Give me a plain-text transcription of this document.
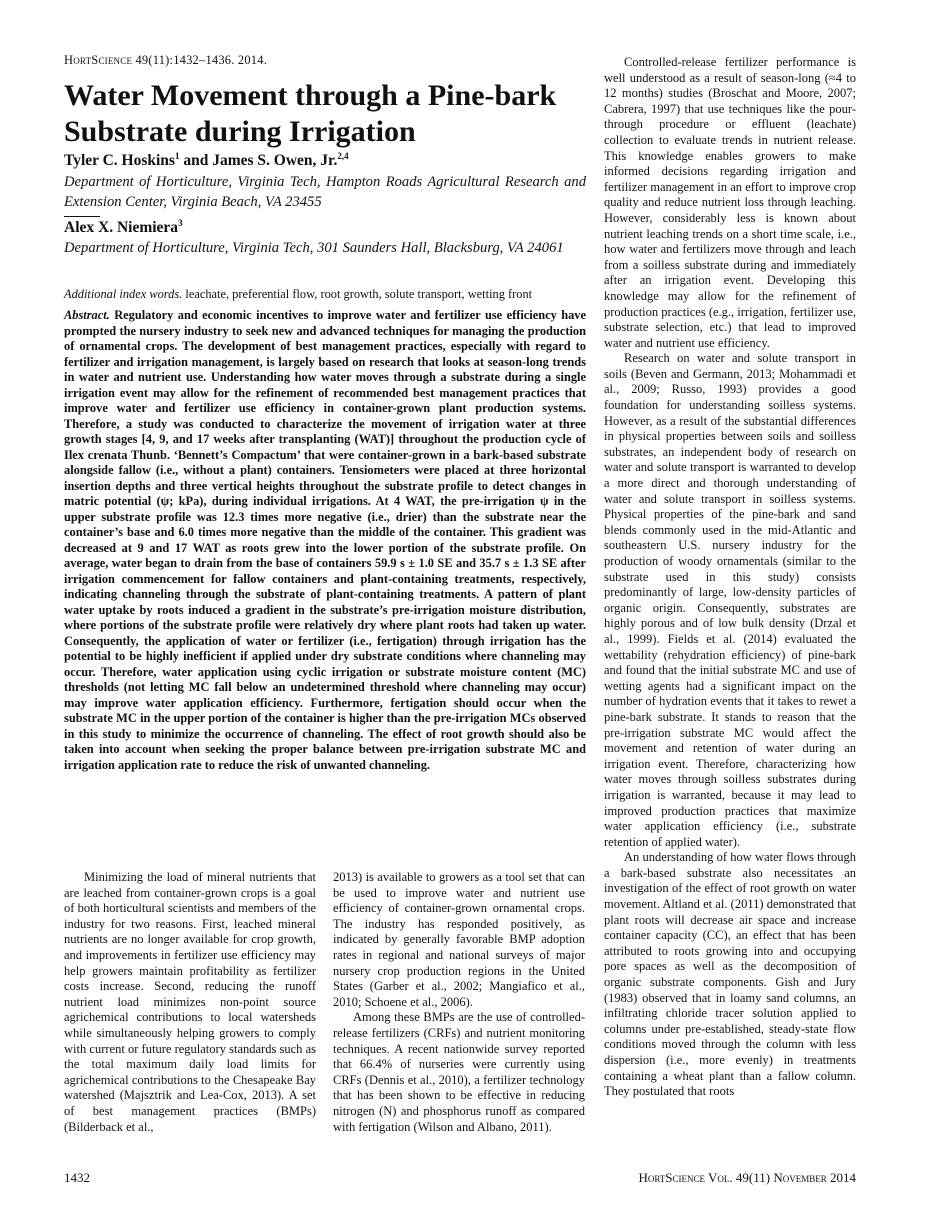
HortScience 49(11):1432–1436. 2014.
Water Movement through a Pine-bark Substrate during Irrigation
Tyler C. Hoskins$^1$ and James S. Owen, Jr.$^{2,4}$
Department of Horticulture, Virginia Tech, Hampton Roads Agricultural Research and Extension Center, Virginia Beach, VA 23455
Alex X. Niemiera$^3$
Department of Horticulture, Virginia Tech, 301 Saunders Hall, Blacksburg, VA 24061
Additional index words. leachate, preferential flow, root growth, solute transport, wetting front
Abstract. Regulatory and economic incentives to improve water and fertilizer use efficiency have prompted the nursery industry to seek new and advanced techniques for managing the production of ornamental crops. The development of best management practices, especially with regard to fertilizer and irrigation management, is largely based on research that looks at season-long trends in water and nutrient use. Understanding how water moves through a substrate during a single irrigation event may allow for the refinement of recommended best management practices that improve water and fertilizer use efficiency in container-grown plant production systems. Therefore, a study was conducted to characterize the movement of irrigation water at three growth stages [4, 9, and 17 weeks after transplanting (WAT)] throughout the production cycle of Ilex crenata Thunb. ‘Bennett’s Compactum’ that were container-grown in a bark-based substrate alongside fallow (i.e., without a plant) containers. Tensiometers were placed at three horizontal insertion depths and three vertical heights throughout the substrate profile to detect changes in matric potential (ψ; kPa), during individual irrigations. At 4 WAT, the pre-irrigation ψ in the upper substrate profile was 12.3 times more negative (i.e., drier) than the substrate near the container’s base and 6.0 times more negative than the middle of the container. This gradient was decreased at 9 and 17 WAT as roots grew into the lower portion of the substrate profile. On average, water began to drain from the base of containers 59.9 s ± 1.0 SE and 35.7 s ± 1.3 SE after irrigation commencement for fallow containers and plant-containing treatments, respectively, indicating channeling through the substrate of plant-containing treatments. A pattern of plant water uptake by roots induced a gradient in the substrate’s pre-irrigation moisture distribution, where portions of the substrate profile were relatively dry where plant roots had taken up water. Consequently, the application of water or fertilizer (i.e., fertigation) through irrigation has the potential to be highly inefficient if applied under dry substrate conditions where channeling may occur. Therefore, water application using cyclic irrigation or substrate moisture content (MC) thresholds (not letting MC fall below an undetermined threshold where channeling may occur) may improve water application efficiency. Furthermore, fertigation should occur when the substrate MC in the upper portion of the container is higher than the pre-irrigation MCs observed in this study to minimize the occurrence of channeling. The effect of root growth should also be taken into account when seeking the proper balance between pre-irrigation substrate MC and irrigation application rate to reduce the risk of unwanted channeling.

Minimizing the load of mineral nutrients that are leached from container-grown crops is a goal of both horticultural scientists and members of the industry for two reasons. First, leached mineral nutrients are no longer available for crop growth, and improvements in fertilizer use efficiency may help growers maintain profitability as fertilizer costs increase. Second, reducing the runoff nutrient load minimizes non-point source agrichemical contributions to local watersheds while simultaneously helping growers to comply with current or future regulatory standards such as the total maximum daily load limits for agrichemical contributions to the Chesapeake Bay watershed (Majsztrik and Lea-Cox, 2013). A set of best management practices (BMPs) (Bilderback et al.,

2013) is available to growers as a tool set that can be used to improve water and nutrient use efficiency of container-grown ornamental crops. The industry has responded positively, as indicated by generally favorable BMP adoption rates in regional and national surveys of major nursery crop production regions in the United States (Garber et al., 2002; Mangiafico et al., 2010; Schoene et al., 2006).

Among these BMPs are the use of controlled-release fertilizers (CRFs) and nutrient monitoring techniques. A recent nationwide survey reported that 66.4% of nurseries were currently using CRFs (Dennis et al., 2010), a fertilizer technology that has been shown to be effective in reducing nitrogen (N) and phosphorus runoff as compared with fertigation (Wilson and Albano, 2011).

Controlled-release fertilizer performance is well understood as a result of season-long (≈4 to 12 months) studies (Broschat and Moore, 2007; Cabrera, 1997) that use techniques like the pour-through procedure or effluent (leachate) collection to evaluate trends in nutrient release. This knowledge enables growers to make informed decisions regarding irrigation and fertilizer management in an effort to improve crop quality and reduce nutrient loss through leaching. However, considerably less is known about nutrient leaching trends on a short time scale, i.e., how water and fertilizers move through and leach from a soilless substrate during and immediately after an irrigation event. Developing this knowledge may allow for the refinement of production practices (e.g., irrigation, fertilizer use, substrate selection, etc.) that lead to improved water and nutrient use efficiency.

Research on water and solute transport in soils (Beven and Germann, 2013; Mohammadi et al., 2009; Russo, 1993) provides a good foundation for understanding soilless systems. However, as a result of the substantial differences in physical properties between soils and soilless substrates, an independent body of research on water and solute transport is warranted to develop a more direct and thorough understanding of water and solute transport in soilless systems. Physical properties of the pine-bark and sand blends commonly used in the mid-Atlantic and southeastern U.S. nursery industry for the production of woody ornamentals (similar to the substrate used in this study) consists predominantly of large, low-density particles of organic origin. Consequently, substrates are highly porous and of low bulk density (Drzal et al., 1999). Fields et al. (2014) evaluated the wettability (rehydration efficiency) of pine-bark and found that the initial substrate MC and use of wetting agents had a significant impact on the number of hydration events that it takes to rewet a pine-bark substrate. It stands to reason that the pre-irrigation substrate MC would affect the movement and retention of water during an irrigation event. Therefore, characterizing how water moves through soilless substrates during irrigation is warranted, because it may lead to improved production practices that maximize water application efficiency (i.e., substrate retention of applied water).

An understanding of how water flows through a bark-based substrate also necessitates an investigation of the effect of root growth on water movement. Altland et al. (2011) demonstrated that plant roots will decrease air space and increase container capacity (CC), an effect that has been attributed to roots growing into and occupying pore spaces as well as the decomposition of organic substrate components. Gish and Jury (1983) observed that in loamy sand columns, an infiltrating chloride tracer solution applied to columns under pre-established, steady-state flow conditions moved through the column with less dispersion (i.e., more evenly) in treatments containing a wheat plant than a fallow column. They postulated that roots

1432	HortScience Vol. 49(11) November 2014
